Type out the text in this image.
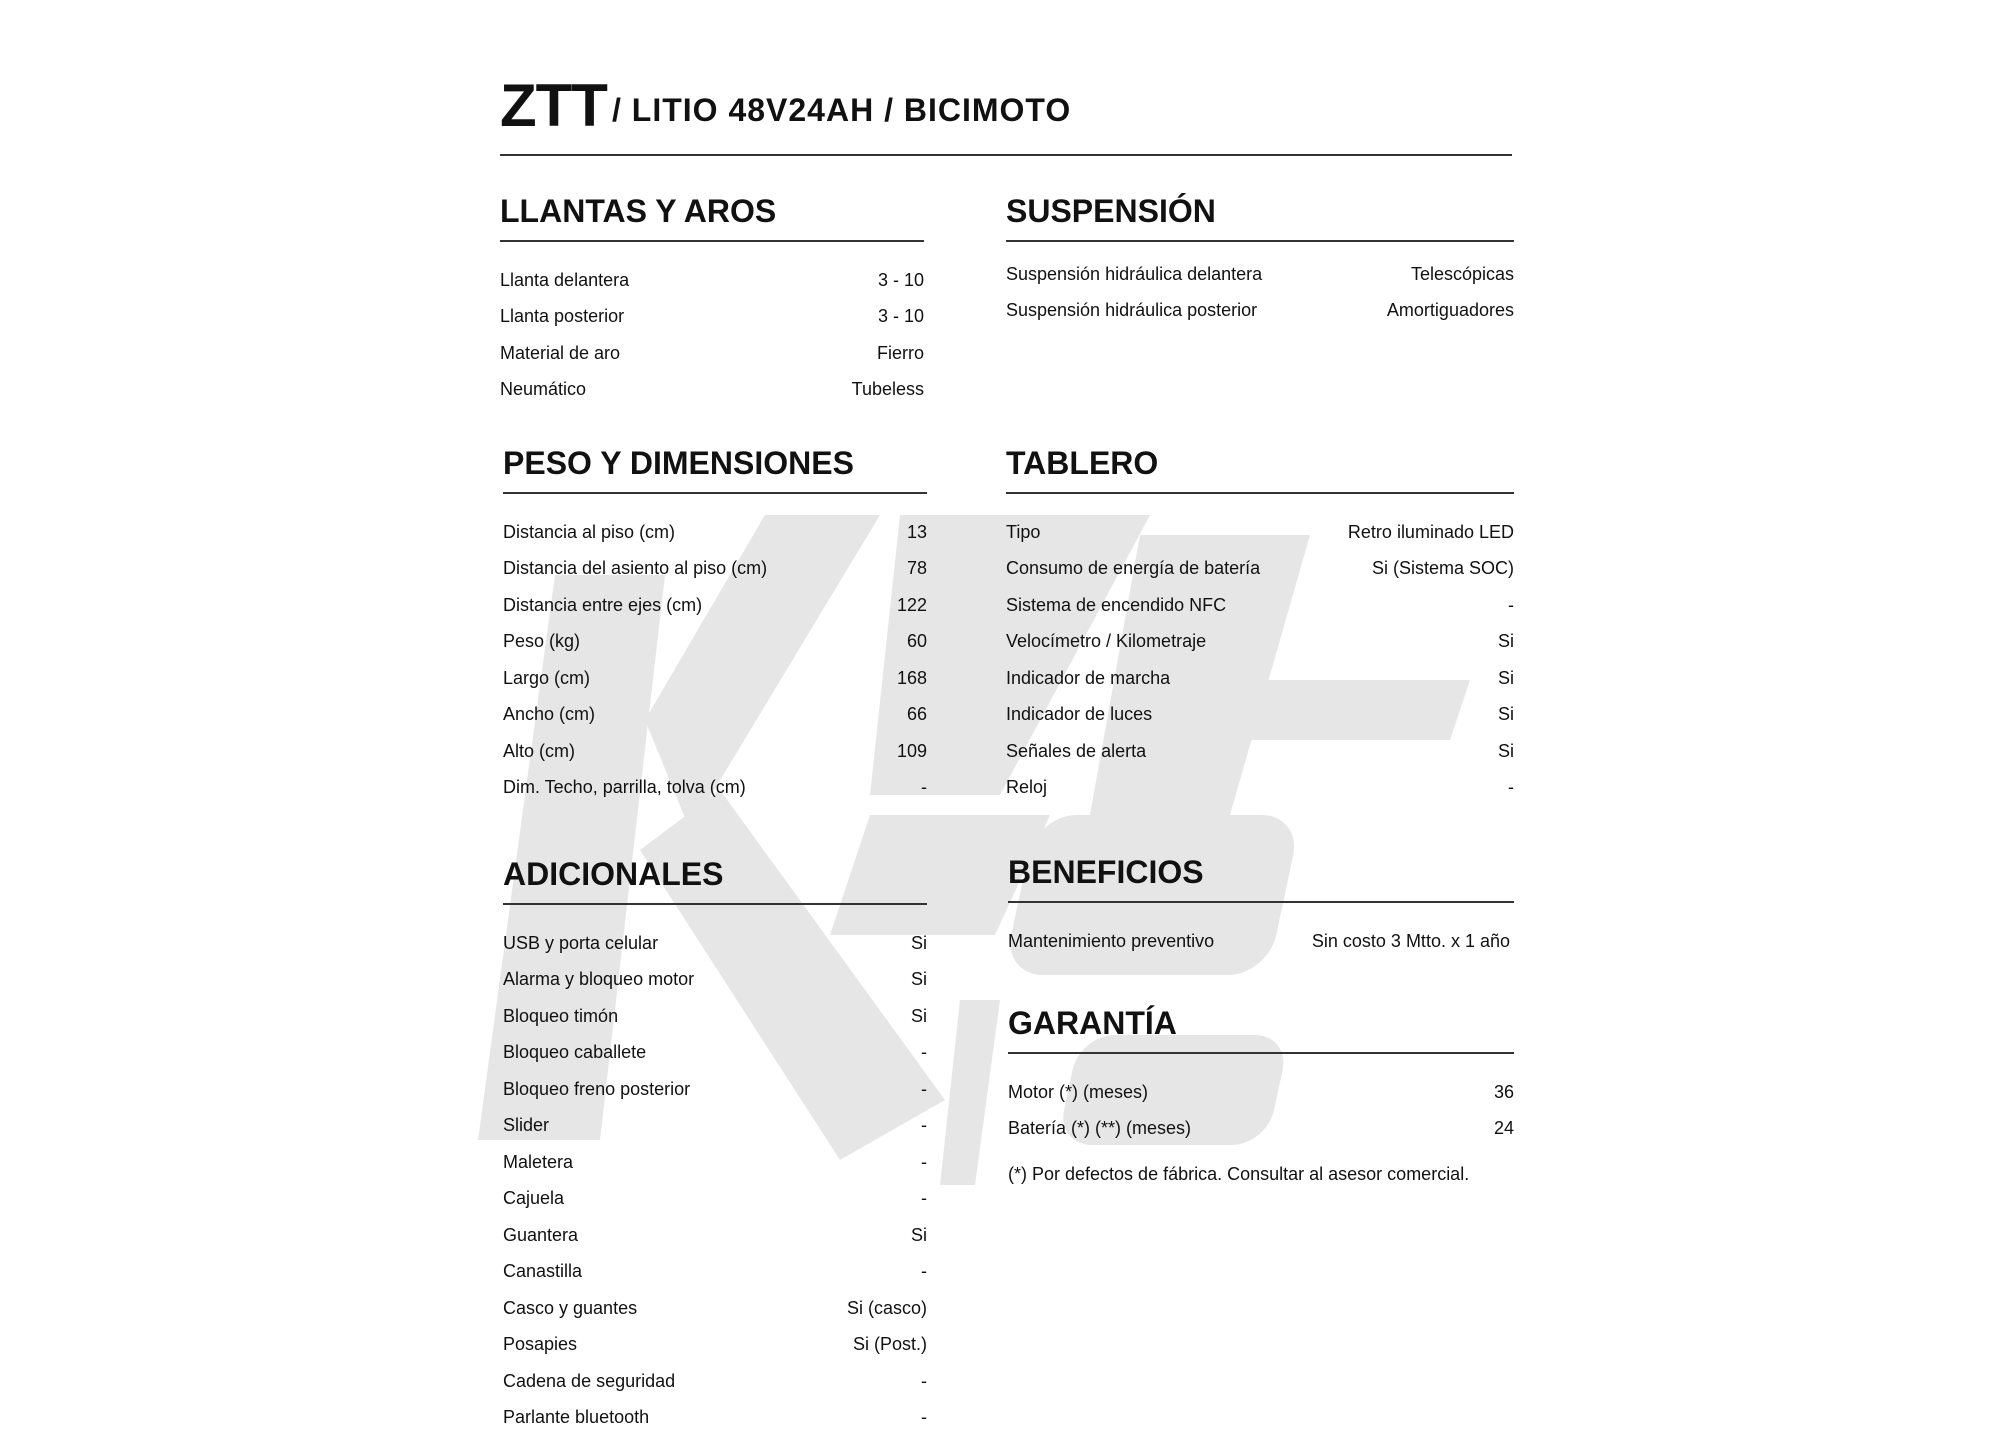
ZTT / LITIO 48V24AH / BICIMOTO
LLANTAS Y AROS
Llanta delantera	3 - 10
Llanta posterior	3 - 10
Material de aro	Fierro
Neumático	Tubeless
SUSPENSIÓN
Suspensión hidráulica delantera	Telescópicas
Suspensión hidráulica posterior	Amortiguadores
PESO Y DIMENSIONES
Distancia al piso (cm)	13
Distancia del asiento al piso (cm)	78
Distancia entre ejes (cm)	122
Peso (kg)	60
Largo (cm)	168
Ancho (cm)	66
Alto (cm)	109
Dim. Techo, parrilla, tolva (cm)	-
TABLERO
Tipo	Retro iluminado LED
Consumo de energía de batería	Si (Sistema SOC)
Sistema de encendido NFC	-
Velocímetro / Kilometraje	Si
Indicador de marcha	Si
Indicador de luces	Si
Señales de alerta	Si
Reloj	-
ADICIONALES
USB y porta celular	Si
Alarma y bloqueo motor	Si
Bloqueo timón	Si
Bloqueo caballete	-
Bloqueo freno posterior	-
Slider	-
Maletera	-
Cajuela	-
Guantera	Si
Canastilla	-
Casco y guantes	Si (casco)
Posapies	Si (Post.)
Cadena de seguridad	-
Parlante bluetooth	-
BENEFICIOS
Mantenimiento preventivo	Sin costo 3 Mtto. x 1 año
GARANTÍA
Motor (*) (meses)	36
Batería (*) (**) (meses)	24
(*) Por defectos de fábrica. Consultar al asesor comercial.
